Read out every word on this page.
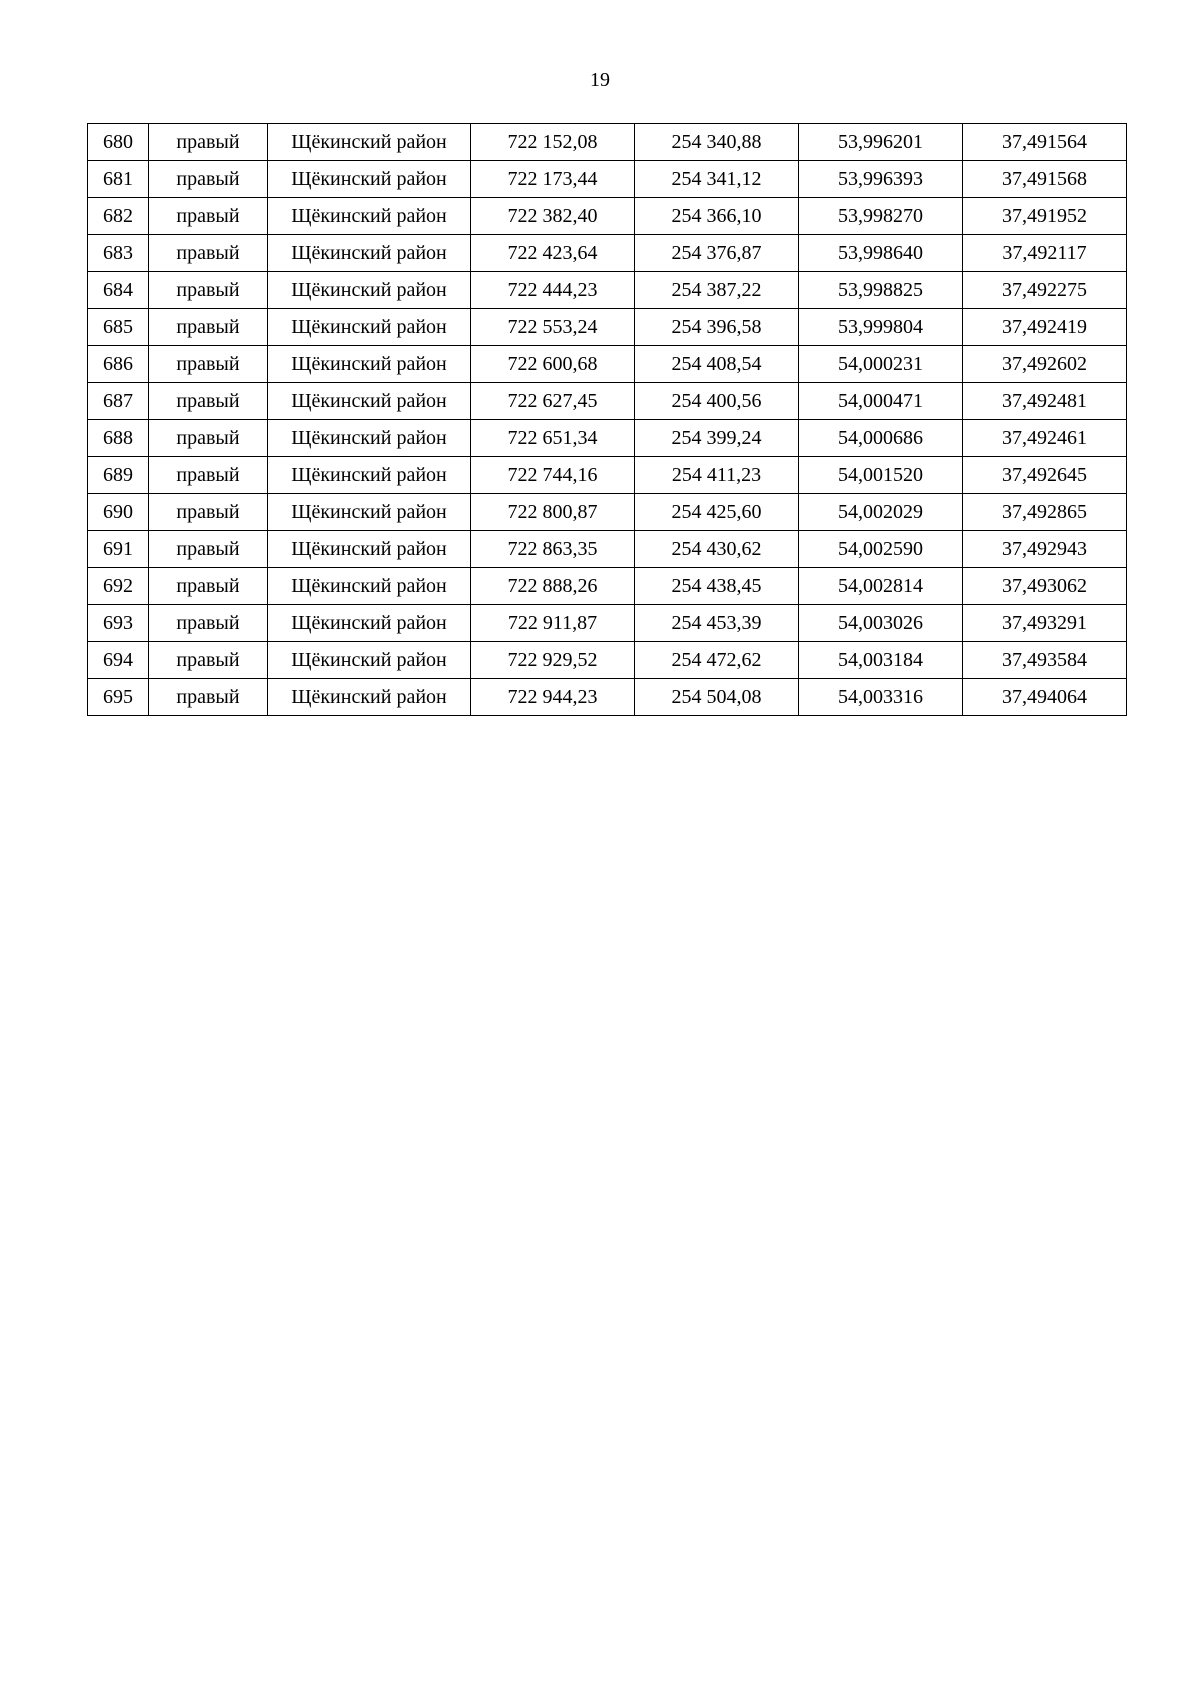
19
680	правый	Щёкинский район	722 152,08	254 340,88	53,996201	37,491564
681	правый	Щёкинский район	722 173,44	254 341,12	53,996393	37,491568
682	правый	Щёкинский район	722 382,40	254 366,10	53,998270	37,491952
683	правый	Щёкинский район	722 423,64	254 376,87	53,998640	37,492117
684	правый	Щёкинский район	722 444,23	254 387,22	53,998825	37,492275
685	правый	Щёкинский район	722 553,24	254 396,58	53,999804	37,492419
686	правый	Щёкинский район	722 600,68	254 408,54	54,000231	37,492602
687	правый	Щёкинский район	722 627,45	254 400,56	54,000471	37,492481
688	правый	Щёкинский район	722 651,34	254 399,24	54,000686	37,492461
689	правый	Щёкинский район	722 744,16	254 411,23	54,001520	37,492645
690	правый	Щёкинский район	722 800,87	254 425,60	54,002029	37,492865
691	правый	Щёкинский район	722 863,35	254 430,62	54,002590	37,492943
692	правый	Щёкинский район	722 888,26	254 438,45	54,002814	37,493062
693	правый	Щёкинский район	722 911,87	254 453,39	54,003026	37,493291
694	правый	Щёкинский район	722 929,52	254 472,62	54,003184	37,493584
695	правый	Щёкинский район	722 944,23	254 504,08	54,003316	37,494064
